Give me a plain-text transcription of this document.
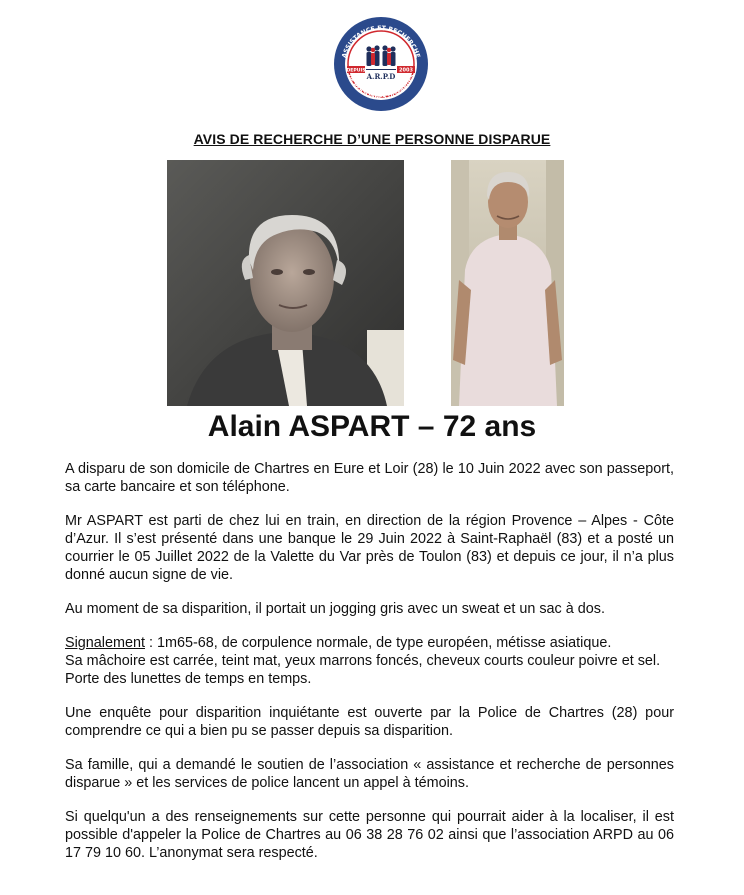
ASSISTANCE ET RECHERCHE
DE PERSONNES DISPARUES
DEPUIS	2003
A.R.P.D
AVIS DE RECHERCHE D’UNE PERSONNE DISPARUE
Alain ASPART – 72 ans

A disparu de son domicile de Chartres en Eure et Loir (28) le 10 Juin 2022 avec son passeport, sa carte bancaire et son téléphone.

Mr ASPART est parti de chez lui en train, en direction de la région Provence – Alpes - Côte d’Azur. Il s’est présenté dans une banque le 29 Juin 2022 à Saint-Raphaël (83) et a posté un courrier le 05 Juillet 2022 de la Valette du Var près de Toulon (83) et depuis ce jour, il n’a plus donné aucun signe de vie.

Au moment de sa disparition, il portait un jogging gris avec un sweat et un sac à dos.

Signalement : 1m65-68, de corpulence normale, de type européen, métisse asiatique.
Sa mâchoire est carrée, teint mat, yeux marrons foncés, cheveux courts couleur poivre et sel.
Porte des lunettes de temps en temps.

Une enquête pour disparition inquiétante est ouverte par la Police de Chartres (28) pour comprendre ce qui a bien pu se passer depuis sa disparition.

Sa famille, qui a demandé le soutien de l’association « assistance et recherche de personnes disparue » et les services de police lancent un appel à témoins.

Si quelqu'un a des renseignements sur cette personne qui pourrait aider à la localiser, il est possible d'appeler la Police de Chartres au 06 38 28 76 02 ainsi que l’association ARPD au 06 17 79 10 60. L’anonymat sera respecté.
